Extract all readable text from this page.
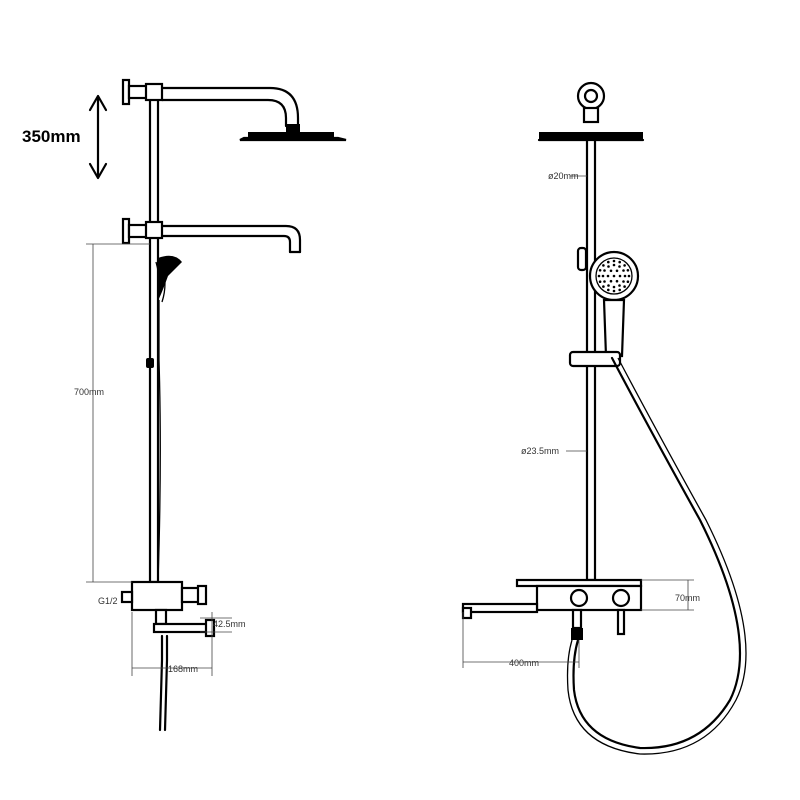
350mm
700mm
G1/2
42.5mm
168mm
ø20mm
ø23.5mm
70mm
400mm
